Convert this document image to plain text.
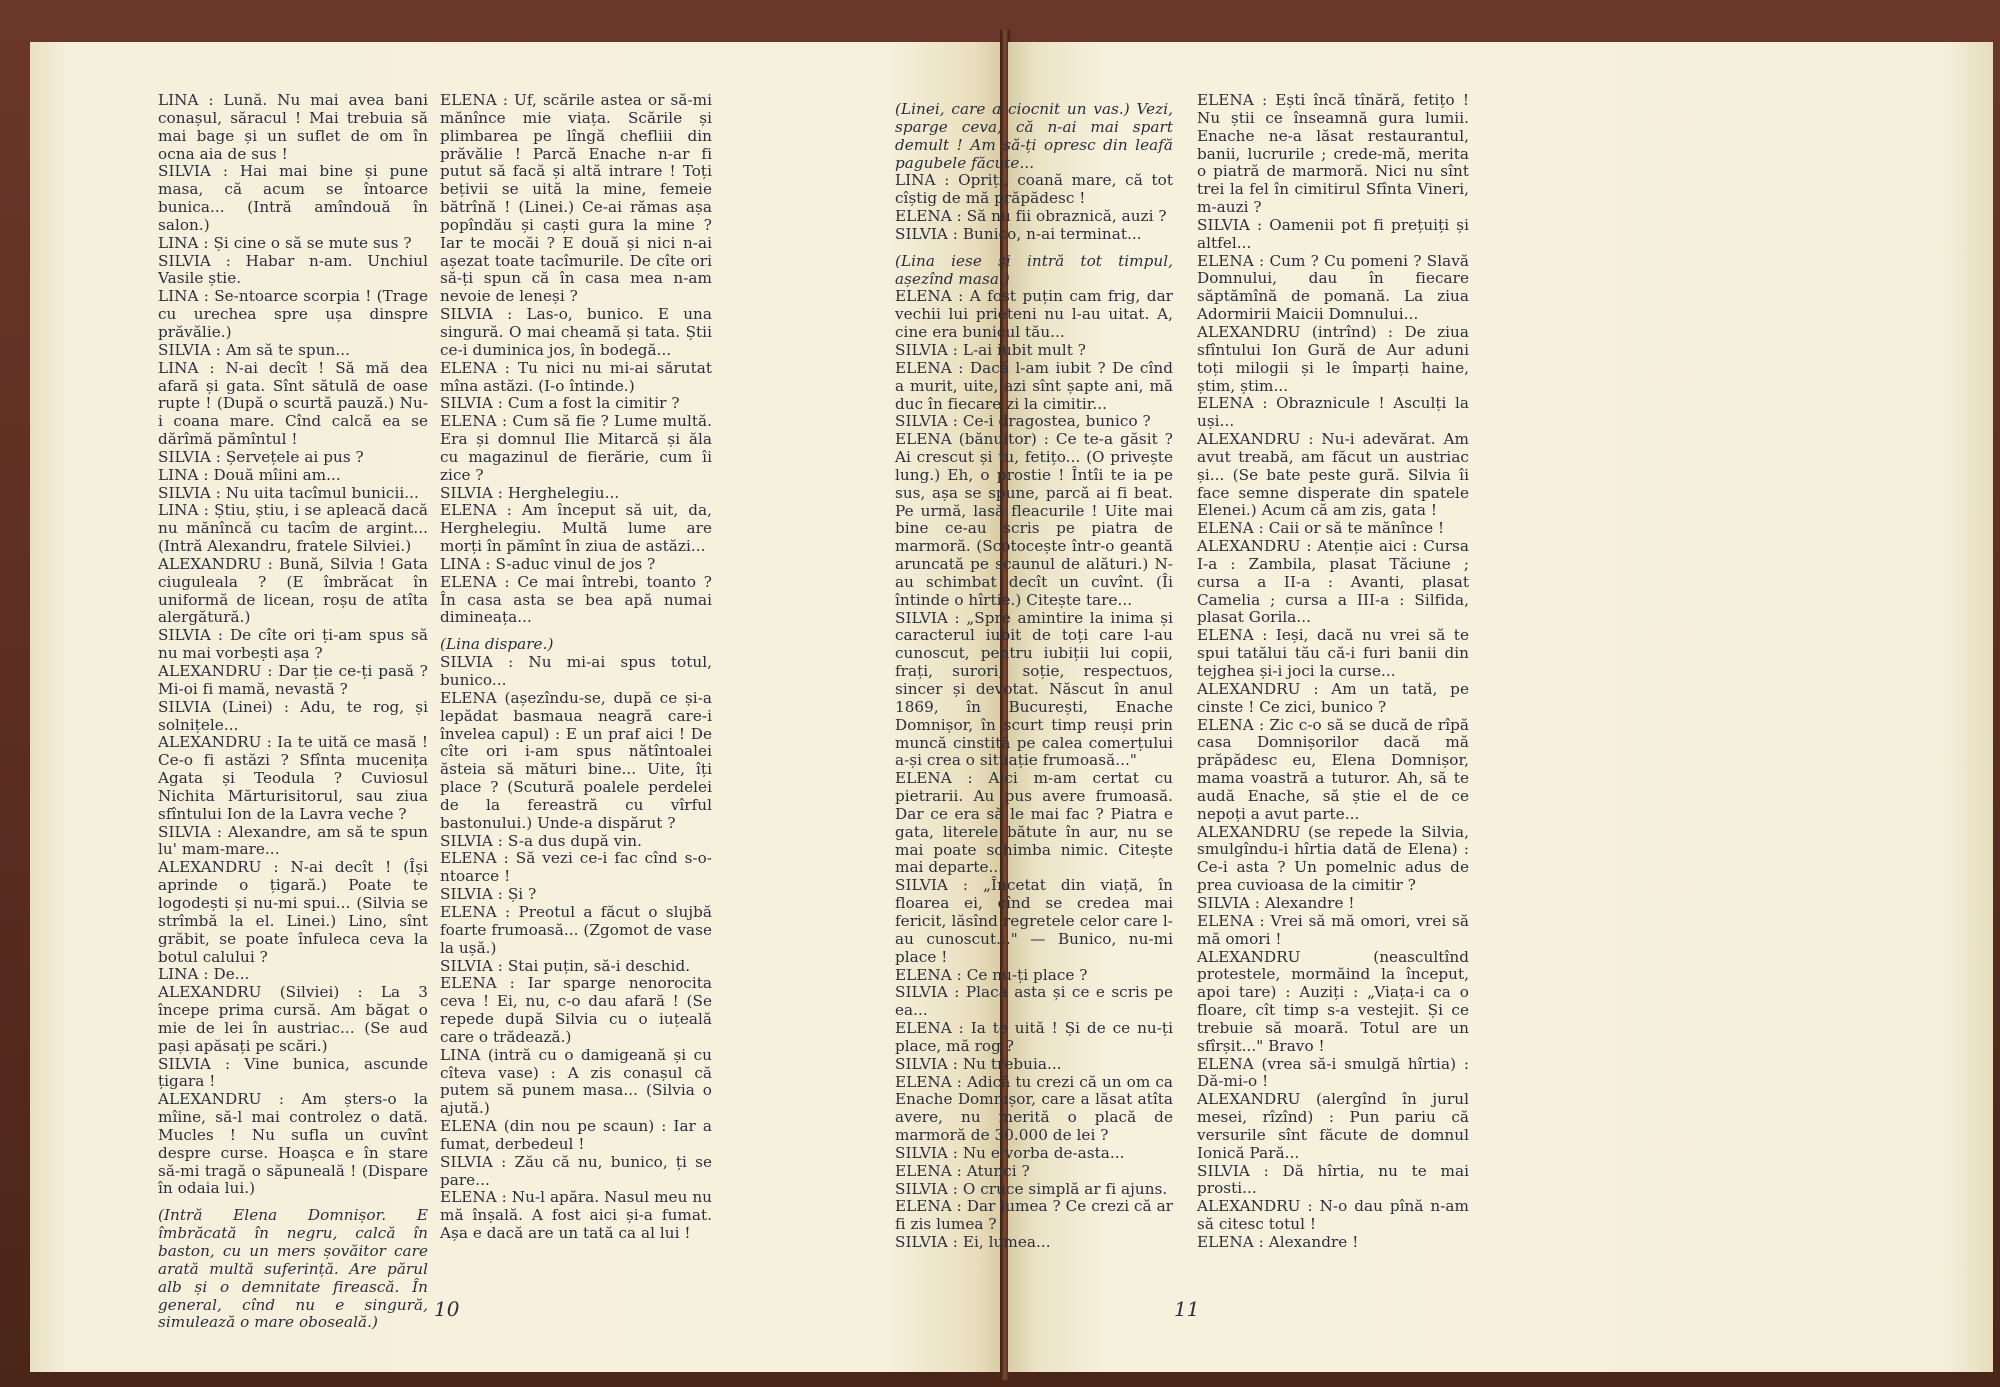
LINA : Lună. Nu mai avea bani conașul, săracul ! Mai trebuia să mai bage și un suflet de om în ocna aia de sus !

SILVIA : Hai mai bine și pune masa, că acum se întoarce bunica... (Intră amîndouă în salon.)

LINA : Și cine o să se mute sus ?

SILVIA : Habar n-am. Unchiul Vasile știe.

LINA : Se-ntoarce scorpia ! (Trage cu urechea spre ușa dinspre prăvălie.)

SILVIA : Am să te spun...

LINA : N-ai decît ! Să mă dea afară și gata. Sînt sătulă de oase rupte ! (După o scurtă pauză.) Nu-i coana mare. Cînd calcă ea se dărîmă pămîntul !

SILVIA : Șervețele ai pus ?

LINA : Două mîini am...

SILVIA : Nu uita tacîmul bunicii...

LINA : Știu, știu, i se apleacă dacă nu mănîncă cu tacîm de argint... (Intră Alexandru, fratele Silviei.)

ALEXANDRU : Bună, Silvia ! Gata ciugulealа ? (E îmbrăcat în uniformă de licean, roșu de atîta alergătură.)

SILVIA : De cîte ori ți-am spus să nu mai vorbești așa ?

ALEXANDRU : Dar ție ce-ți pasă ? Mi-oi fi mamă, nevastă ?

SILVIA (Linei) : Adu, te rog, și solnițele...

ALEXANDRU : Ia te uită ce masă ! Ce-o fi astăzi ? Sfînta mucenița Agata și Teodula ? Cuviosul Nichita Mărturisitorul, sau ziua sfîntului Ion de la Lavra veche ?

SILVIA : Alexandre, am să te spun lu' mam-mare...

ALEXANDRU : N-ai decît ! (Își aprinde o țigară.) Poate te logodești și nu-mi spui... (Silvia se strîmbă la el. Linei.) Lino, sînt grăbit, se poate înfuleca ceva la botul calului ?

LINA : De...

ALEXANDRU (Silviei) : La 3 începe prima cursă. Am băgat o mie de lei în austriac... (Se aud pași apăsați pe scări.)

SILVIA : Vine bunica, ascunde țigara !

ALEXANDRU : Am șters-o la mîine, să-l mai controlez o dată. Mucles ! Nu sufla un cuvînt despre curse. Hoașca e în stare să-mi tragă o săpuneală ! (Dispare în odaia lui.)

(Intră Elena Domnișor. E îmbrăcată în negru, calcă în baston, cu un mers șovăitor care arată multă suferință. Are părul alb și o demnitate firească. În general, cînd nu e singură, simulează o mare oboseală.)

ELENA : Uf, scările astea or să-mi mănînce mie viața. Scările și plimbarea pe lîngă chefliii din prăvălie ! Parcă Enache n-ar fi putut să facă și altă intrare ! Toți bețivii se uită la mine, femeie bătrînă ! (Linei.) Ce-ai rămas așa popîndău și caști gura la mine ? Iar te mocăi ? E două și nici n-ai așezat toate tacîmurile. De cîte ori să-ți spun că în casa mea n-am nevoie de leneși ?

SILVIA : Las-o, bunico. E una singură. O mai cheamă și tata. Știi ce-i duminica jos, în bodegă...

ELENA : Tu nici nu mi-ai sărutat mîna astăzi. (I-o întinde.)

SILVIA : Cum a fost la cimitir ?

ELENA : Cum să fie ? Lume multă. Era și domnul Ilie Mitarcă și ăla cu magazinul de fierărie, cum îi zice ?

SILVIA : Herghelegiu...

ELENA : Am început să uit, da, Herghelegiu. Multă lume are morți în pămînt în ziua de astăzi...

LINA : S-aduc vinul de jos ?

ELENA : Ce mai întrebi, toanto ? În casa asta se bea apă numai dimineața...

(Lina dispare.)

SILVIA : Nu mi-ai spus totul, bunico...

ELENA (așezîndu-se, după ce și-a lepădat basmaua neagră care-i învelea capul) : E un praf aici ! De cîte ori i-am spus nătîntoalei ăsteia să mături bine... Uite, îți place ? (Scutură poalele perdelei de la fereastră cu vîrful bastonului.) Unde-a dispărut ?

SILVIA : S-a dus după vin.

ELENA : Să vezi ce-i fac cînd s-o-ntoarce !

SILVIA : Și ?

ELENA : Preotul a făcut o slujbă foarte frumoasă... (Zgomot de vase la ușă.)

SILVIA : Stai puțin, să-i deschid.

ELENA : Iar sparge nenorocita ceva ! Ei, nu, c-o dau afară ! (Se repede după Silvia cu o iuțeală care o trădează.)

LINA (intră cu o damigeană și cu cîteva vase) : A zis conașul că putem să punem masa... (Silvia o ajută.)

ELENA (din nou pe scaun) : Iar a fumat, derbedeul !

SILVIA : Zău că nu, bunico, ți se pare...

ELENA : Nu-l apăra. Nasul meu nu mă înșală. A fost aici și-a fumat. Așa e dacă are un tată ca al lui !

10

(Linei, care a ciocnit un vas.) Vezi, sparge ceva, că n-ai mai spart demult ! Am să-ți opresc din leafă pagubele făcute...

LINA : Opriți, coană mare, că tot cîștig de mă prăpădesc !

ELENA : Să nu fii obraznică, auzi ?

SILVIA : Bunico, n-ai terminat...

(Lina iese și intră tot timpul, așezînd masa.)

ELENA : A fost puțin cam frig, dar vechii lui prieteni nu l-au uitat. A, cine era bunicul tău...

SILVIA : L-ai iubit mult ?

ELENA : Dacă l-am iubit ? De cînd a murit, uite, azi sînt șapte ani, mă duc în fiecare zi la cimitir...

SILVIA : Ce-i dragostea, bunico ?

ELENA (bănuitor) : Ce te-a găsit ? Ai crescut și tu, fetițo... (O privește lung.) Eh, o prostie ! Întîi te ia pe sus, așa se spune, parcă ai fi beat. Pe urmă, lasă fleacurile ! Uite mai bine ce-au scris pe piatra de marmoră. (Scotocește într-o geantă aruncată pe scaunul de alături.) N-au schimbat decît un cuvînt. (Îi întinde o hîrtie.) Citește tare...

SILVIA : „Spre amintire la inima și caracterul iubit de toți care l-au cunoscut, pentru iubiții lui copii, frați, surori, soție, respectuos, sincer și devotat. Născut în anul 1869, în București, Enache Domnișor, în scurt timp reuși prin muncă cinstită pe calea comerțului a-și crea o situație frumoasă..."

ELENA : Aici m-am certat cu pietrarii. Au pus avere frumoasă. Dar ce era să le mai fac ? Piatra e gata, literele bătute în aur, nu se mai poate schimba nimic. Citește mai departe...

SILVIA : „Încetat din viață, în floarea ei, cînd se credea mai fericit, lăsînd regretele celor care l-au cunoscut..." — Bunico, nu-mi place !

ELENA : Ce nu-ți place ?

SILVIA : Placa asta și ce e scris pe ea...

ELENA : Ia te uită ! Și de ce nu-ți place, mă rog ?

SILVIA : Nu trebuia...

ELENA : Adică tu crezi că un om ca Enache Domnișor, care a lăsat atîta avere, nu merită o placă de marmoră de 30.000 de lei ?

SILVIA : Nu e vorba de-asta...

ELENA : Atunci ?

SILVIA : O cruce simplă ar fi ajuns.

ELENA : Dar lumea ? Ce crezi că ar fi zis lumea ?

SILVIA : Ei, lumea...

ELENA : Ești încă tînără, fetițo ! Nu știi ce înseamnă gura lumii. Enache ne-a lăsat restaurantul, banii, lucrurile ; crede-mă, merita o piatră de marmoră. Nici nu sînt trei la fel în cimitirul Sfînta Vineri, m-auzi ?

SILVIA : Oamenii pot fi prețuiți și altfel...

ELENA : Cum ? Cu pomeni ? Slavă Domnului, dau în fiecare săptămînă de pomană. La ziua Adormirii Maicii Domnului...

ALEXANDRU (intrînd) : De ziua sfîntului Ion Gură de Aur aduni toți milogii și le împarți haine, știm, știm...

ELENA : Obraznicule ! Asculți la uși...

ALEXANDRU : Nu-i adevărat. Am avut treabă, am făcut un austriac și... (Se bate peste gură. Silvia îi face semne disperate din spatele Elenei.) Acum că am zis, gata !

ELENA : Caii or să te mănînce !

ALEXANDRU : Atenție aici : Cursa I-a : Zambila, plasat Tăciune ; cursa a II-a : Avanti, plasat Camelia ; cursa a III-a : Silfida, plasat Gorila...

ELENA : Ieși, dacă nu vrei să te spui tatălui tău că-i furi banii din tejghea și-i joci la curse...

ALEXANDRU : Am un tată, pe cinste ! Ce zici, bunico ?

ELENA : Zic c-o să se ducă de rîpă casa Domnișorilor dacă mă prăpădesc eu, Elena Domnișor, mama voastră a tuturor. Ah, să te audă Enache, să știe el de ce nepoți a avut parte...

ALEXANDRU (se repede la Silvia, smulgîndu-i hîrtia dată de Elena) : Ce-i asta ? Un pomelnic adus de prea cuvioasa de la cimitir ?

SILVIA : Alexandre !

ELENA : Vrei să mă omori, vrei să mă omori !

ALEXANDRU (neascultînd protestele, mormăind la început, apoi tare) : Auziți : „Viața-i ca o floare, cît timp s-a vestejit. Și ce trebuie să moară. Totul are un sfîrșit..." Bravo !

ELENA (vrea să-i smulgă hîrtia) : Dă-mi-o !

ALEXANDRU (alergînd în jurul mesei, rîzînd) : Pun pariu că versurile sînt făcute de domnul Ionică Pară...

SILVIA : Dă hîrtia, nu te mai prosti...

ALEXANDRU : N-o dau pînă n-am să citesc totul !

ELENA : Alexandre !

11
